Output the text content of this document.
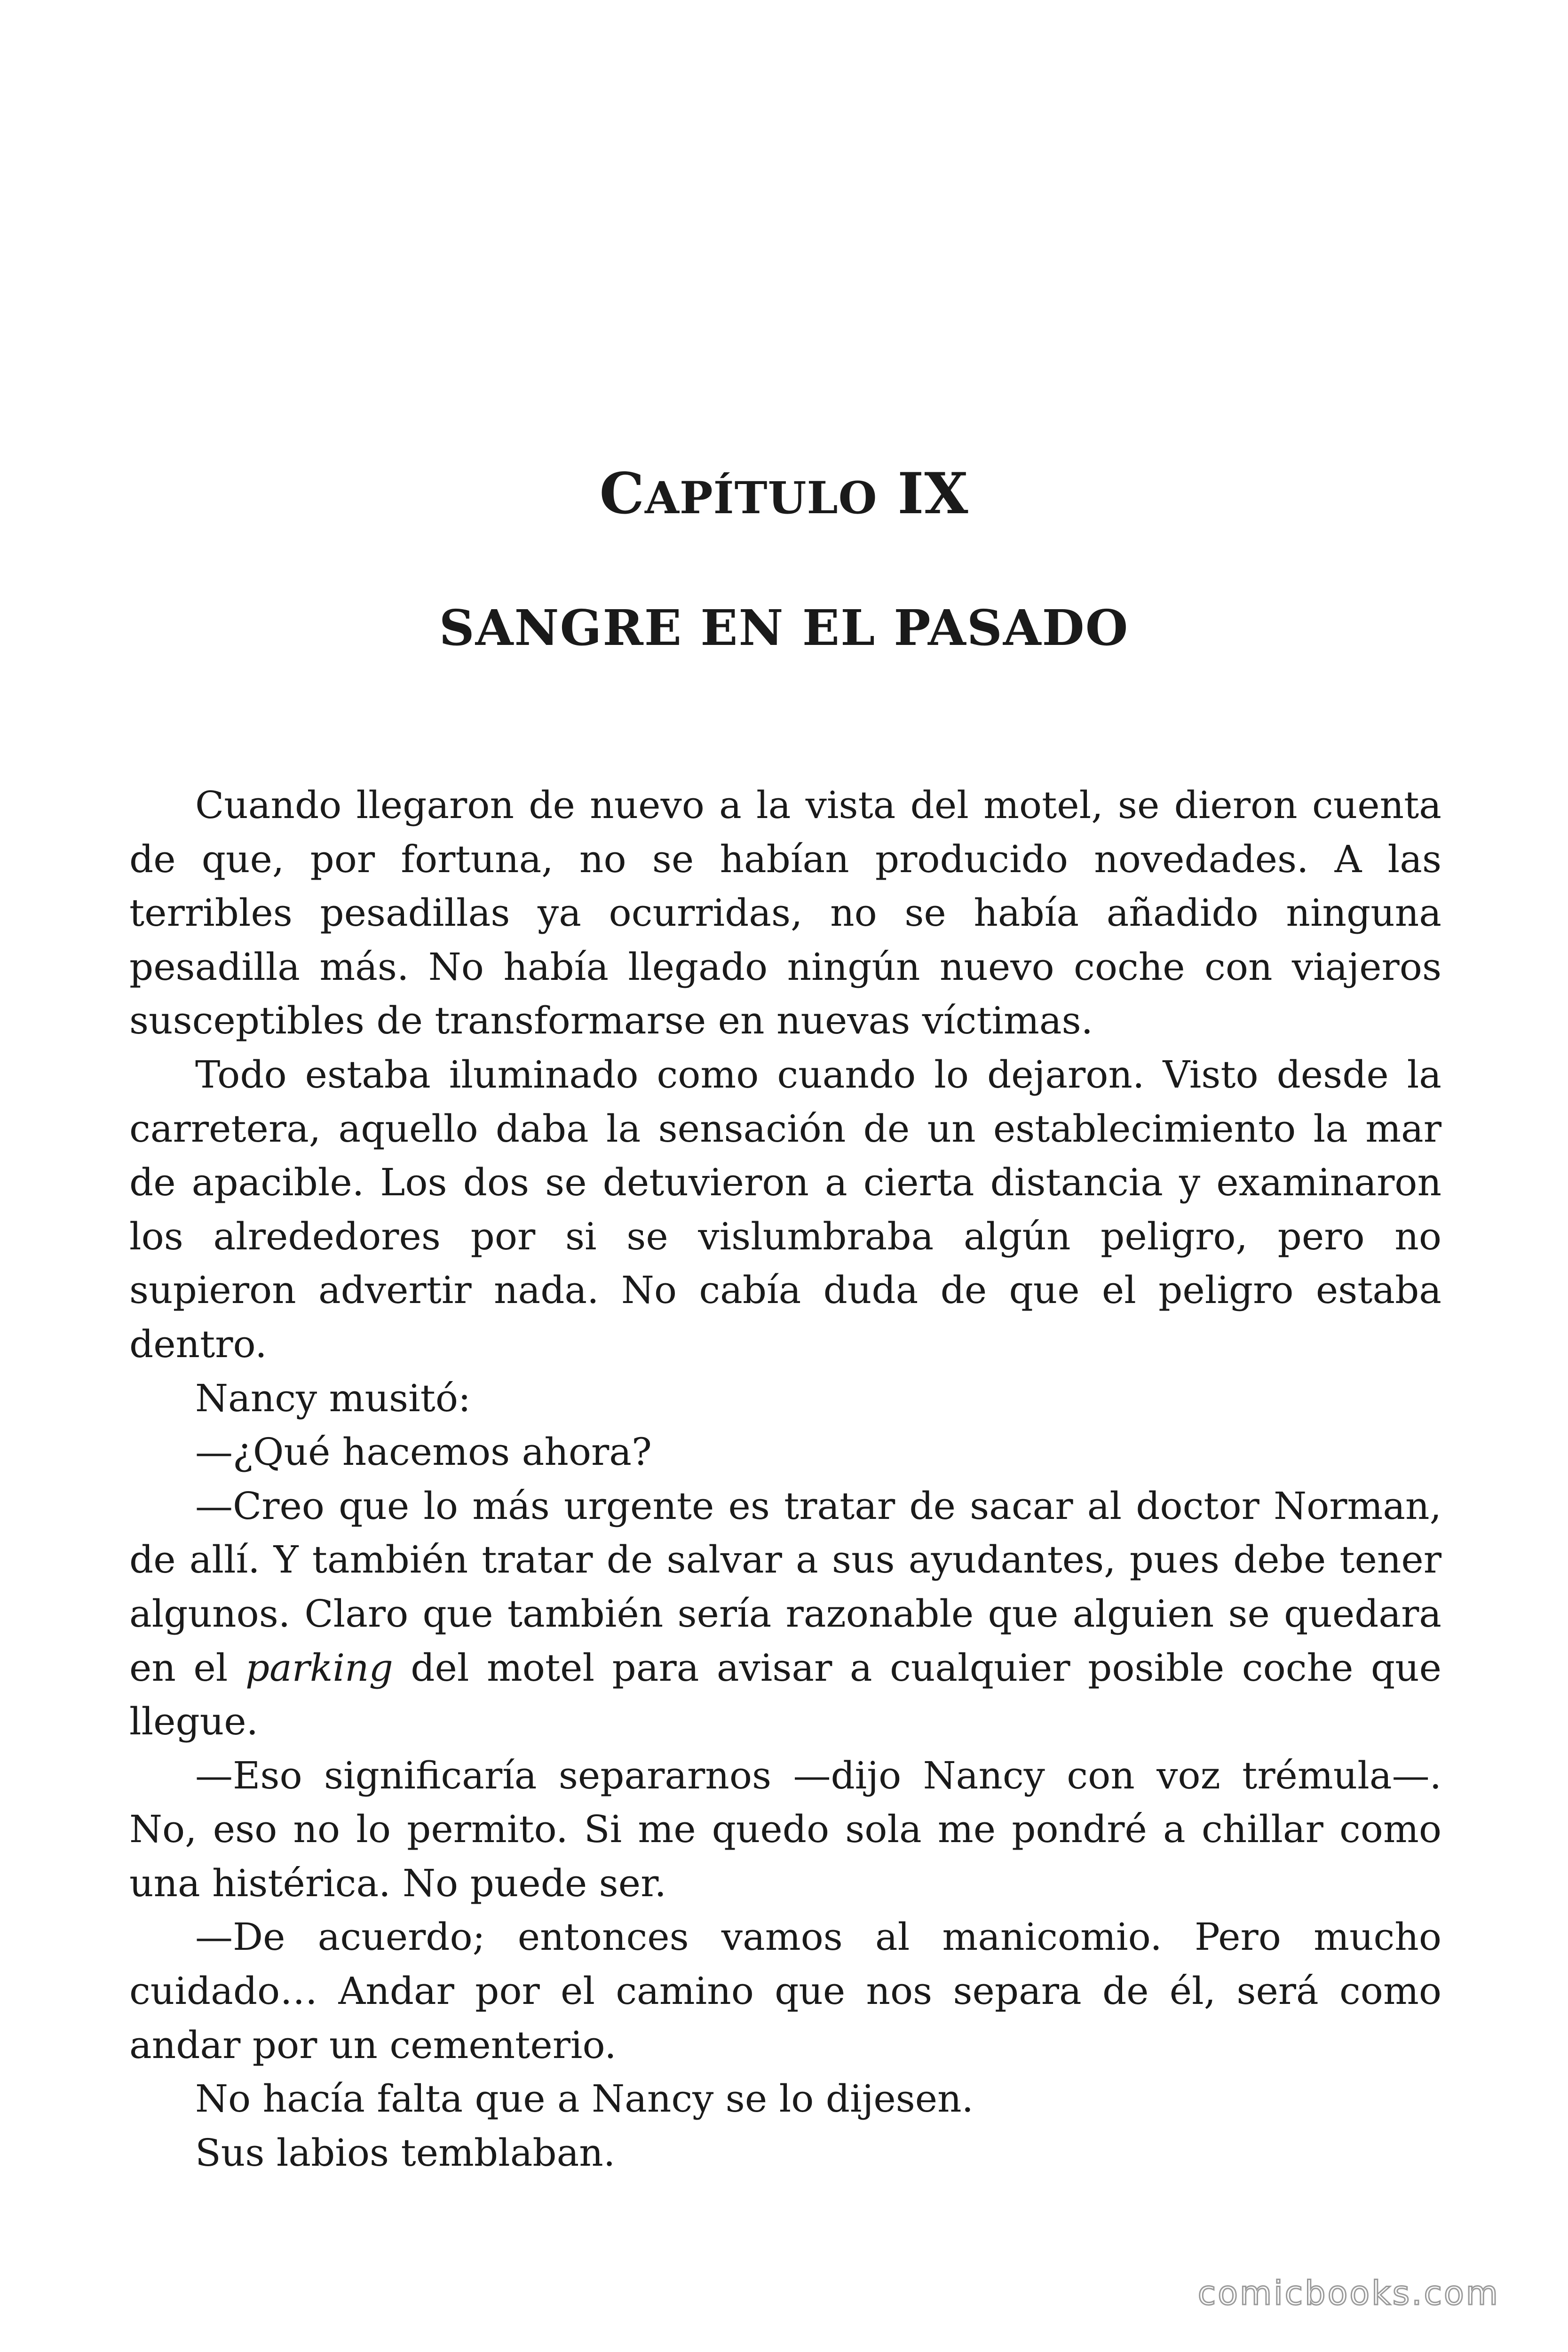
CAPÍTULO IX
SANGRE EN EL PASADO

Cuando llegaron de nuevo a la vista del motel, se dieron cuenta de que, por fortuna, no se habían producido novedades. A las terribles pesadillas ya ocurridas, no se había añadido ninguna pesadilla más. No había llegado ningún nuevo coche con viajeros susceptibles de transformarse en nuevas víctimas.

Todo estaba iluminado como cuando lo dejaron. Visto desde la carretera, aquello daba la sensación de un establecimiento la mar de apacible. Los dos se detuvieron a cierta distancia y examinaron los alrededores por si se vislumbraba algún peligro, pero no supieron advertir nada. No cabía duda de que el peligro estaba dentro.

Nancy musitó:

—¿Qué hacemos ahora?

—Creo que lo más urgente es tratar de sacar al doctor Norman, de allí. Y también tratar de salvar a sus ayudantes, pues debe tener algunos. Claro que también sería razonable que alguien se quedara en el parking del motel para avisar a cualquier posible coche que llegue.

—Eso significaría separarnos —dijo Nancy con voz trémula—. No, eso no lo permito. Si me quedo sola me pondré a chillar como una histérica. No puede ser.

—De acuerdo; entonces vamos al manicomio. Pero mucho cuidado… Andar por el camino que nos separa de él, será como andar por un cementerio.

No hacía falta que a Nancy se lo dijesen.

Sus labios temblaban.

comicbooks.com
